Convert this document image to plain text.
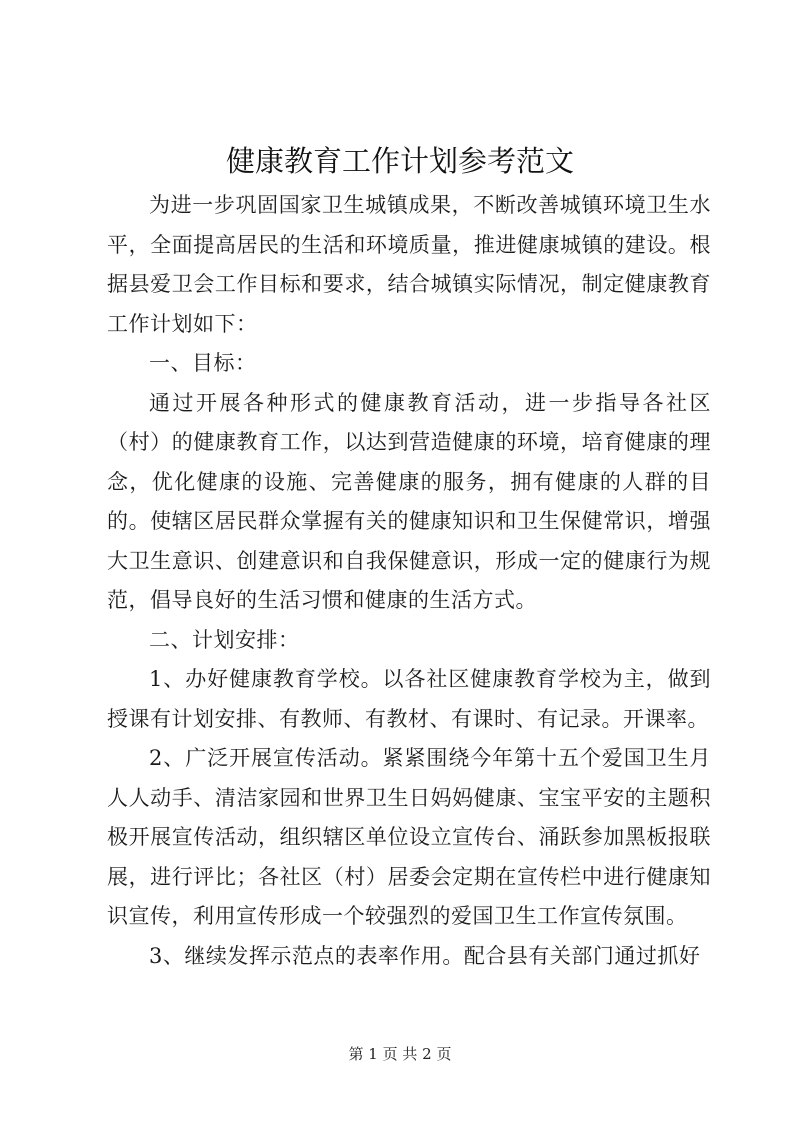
健康教育工作计划参考范文

为进一步巩固国家卫生城镇成果，不断改善城镇环境卫生水平，全面提高居民的生活和环境质量，推进健康城镇的建设。根据县爱卫会工作目标和要求，结合城镇实际情况，制定健康教育工作计划如下：

一、目标：

通过开展各种形式的健康教育活动，进一步指导各社区（村）的健康教育工作，以达到营造健康的环境，培育健康的理念，优化健康的设施、完善健康的服务，拥有健康的人群的目的。使辖区居民群众掌握有关的健康知识和卫生保健常识，增强大卫生意识、创建意识和自我保健意识，形成一定的健康行为规范，倡导良好的生活习惯和健康的生活方式。

二、计划安排：

1、办好健康教育学校。以各社区健康教育学校为主，做到授课有计划安排、有教师、有教材、有课时、有记录。开课率。

2、广泛开展宣传活动。紧紧围绕今年第十五个爱国卫生月人人动手、清洁家园和世界卫生日妈妈健康、宝宝平安的主题积极开展宣传活动，组织辖区单位设立宣传台、涌跃参加黑板报联展，进行评比；各社区（村）居委会定期在宣传栏中进行健康知识宣传，利用宣传形成一个较强烈的爱国卫生工作宣传氛围。

3、继续发挥示范点的表率作用。配合县有关部门通过抓好

第 1 页 共 2 页
